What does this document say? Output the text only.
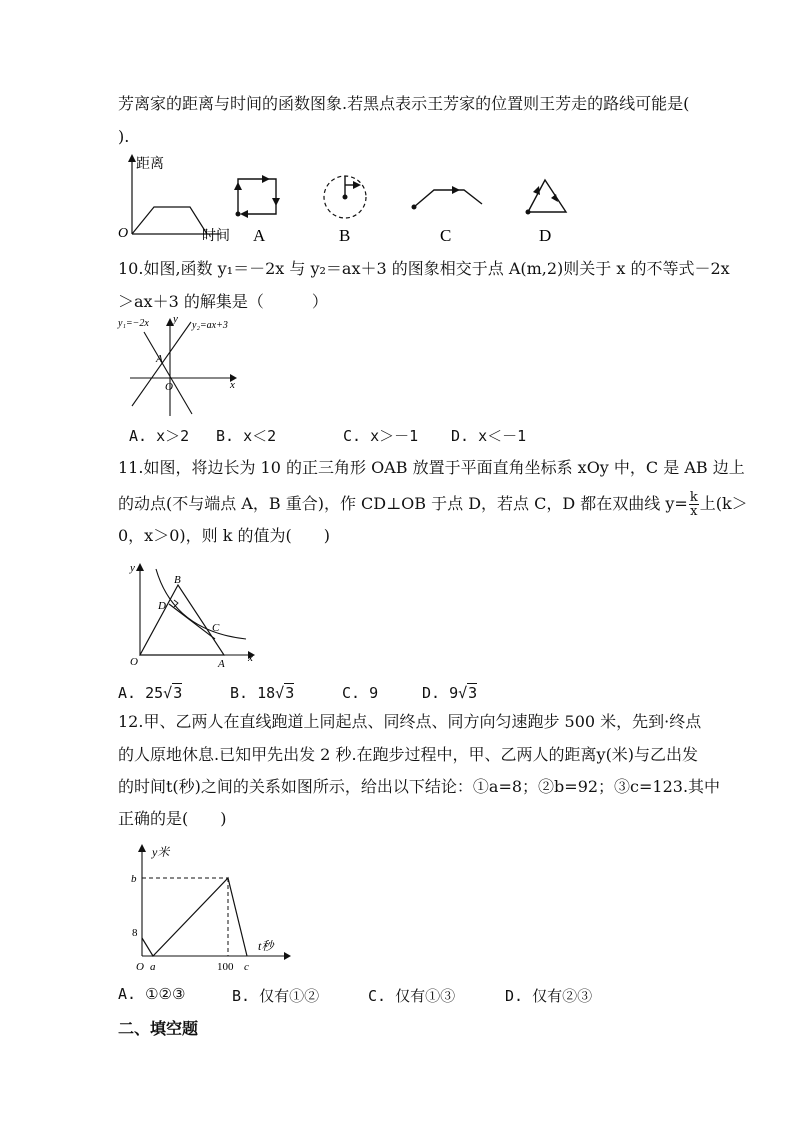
芳离家的距离与时间的函数图象.若黑点表示王芳家的位置则王芳走的路线可能是(
).
距离
O	时间 A	B	C	D
10.如图,函数 y₁＝－2x 与 y₂＝ax＋3 的图象相交于点 A(m,2)则关于 x 的不等式－2x
＞ax＋3 的解集是（　　　）
y₁=−2x	y₂=ax+3
y
x
A
O
A. x＞2 B. x＜2	C. x＞－1 D. x＜－1
11.如图，将边长为 10 的正三角形 OAB 放置于平面直角坐标系 xOy 中，C 是 AB 边上
的动点(不与端点 A，B 重合)，作 CD⊥OB 于点 D，若点 C，D 都在双曲线 $y= \frac{k}{x}$ 上(k＞
0，x＞0)，则 k 的值为(　　)
B
D
C
O	A
y
x
A. 25√3	B. 18√3	C. 9	D. 9√3
12.甲、乙两人在直线跑道上同起点、同终点、同方向匀速跑步 500 米，先到·终点
的人原地休息.已知甲先出发 2 秒.在跑步过程中，甲、乙两人的距离y(米)与乙出发
的时间t(秒)之间的关系如图所示，给出以下结论：①a=8；②b=92；③c=123.其中
正确的是(　　)
y米
t秒
b
8
O a	100 c
A. ①②③	B. 仅有①②	C. 仅有①③	D. 仅有②③
二、填空题
